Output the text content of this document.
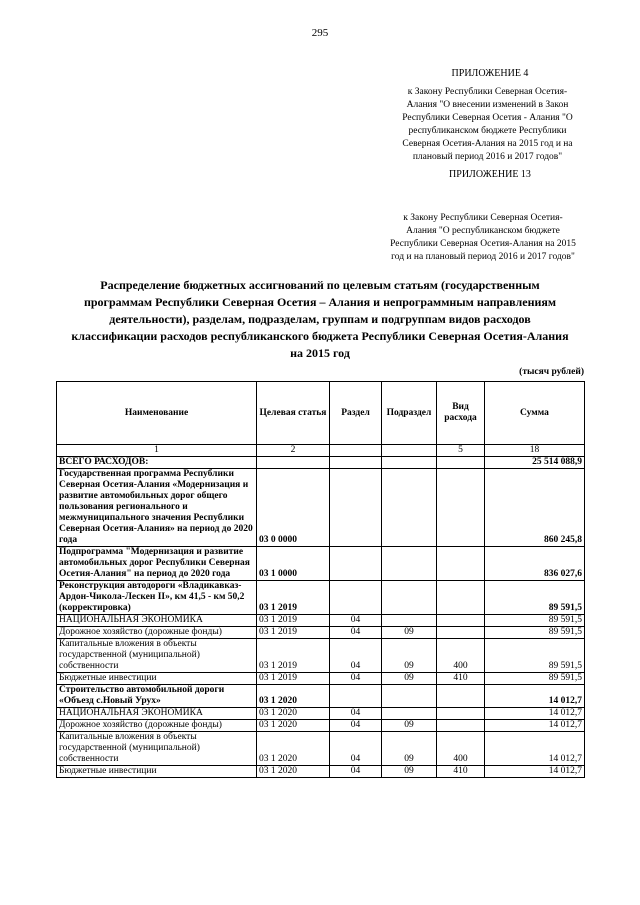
295
ПРИЛОЖЕНИЕ 4
к Закону Республики Северная Осетия-
Алания "О внесении изменений в Закон
Республики Северная Осетия - Алания "О
республиканском бюджете Республики
Северная Осетия-Алания на 2015 год и на
плановый период 2016 и 2017 годов"
ПРИЛОЖЕНИЕ 13
к Закону Республики Северная Осетия-
Алания "О республиканском бюджете
Республики Северная Осетия-Алания на 2015
год и на плановый период 2016 и 2017 годов"
Распределение бюджетных ассигнований по целевым статьям (государственным
программам Республики Северная Осетия – Алания и непрограммным направлениям
деятельности), разделам, подразделам, группам и подгруппам видов расходов
классификации расходов республиканского бюджета Республики Северная Осетия-Алания
на 2015 год
(тысяч рублей)
Наименование	Целевая статья	Раздел	Подраздел	Вид расхода	Сумма
1	2			5	18
ВСЕГО РАСХОДОВ:					25 514 088,9
Государственная программа Республики Северная Осетия-Алания «Модернизация и развитие автомобильных дорог общего пользования регионального и межмуниципального значения Республики Северная Осетия-Алания» на период до 2020 года	03 0 0000				860 245,8
Подпрограмма "Модернизация и развитие автомобильных дорог Республики Северная Осетия-Алания" на период до 2020 года	03 1 0000				836 027,6
Реконструкция автодороги «Владикавказ-Ардон-Чикола-Лескен II», км 41,5 - км 50,2 (корректировка)	03 1 2019				89 591,5
НАЦИОНАЛЬНАЯ ЭКОНОМИКА	03 1 2019	04			89 591,5
Дорожное хозяйство (дорожные фонды)	03 1 2019	04	09		89 591,5
Капитальные вложения в объекты государственной (муниципальной) собственности	03 1 2019	04	09	400	89 591,5
Бюджетные инвестиции	03 1 2019	04	09	410	89 591,5
Строительство автомобильной дороги «Объезд с.Новый Урух»	03 1 2020				14 012,7
НАЦИОНАЛЬНАЯ ЭКОНОМИКА	03 1 2020	04			14 012,7
Дорожное хозяйство (дорожные фонды)	03 1 2020	04	09		14 012,7
Капитальные вложения в объекты государственной (муниципальной) собственности	03 1 2020	04	09	400	14 012,7
Бюджетные инвестиции	03 1 2020	04	09	410	14 012,7
